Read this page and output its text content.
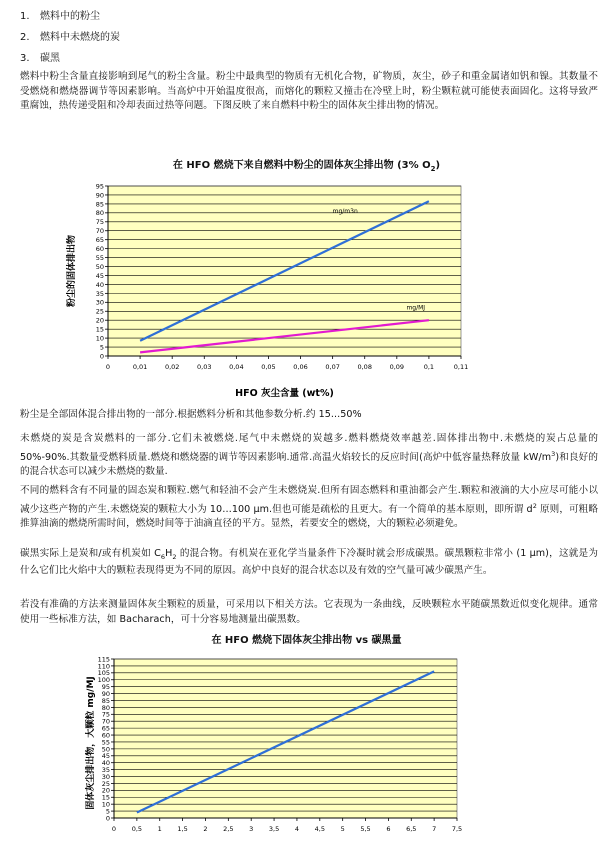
1.	燃料中的粉尘
2.	燃料中未燃烧的炭
3.	碳黑

燃料中粉尘含量直接影响到尾气的粉尘含量。粉尘中最典型的物质有无机化合物，矿物质，灰尘，砂子和重金属诸如钒和镍。其数量不受燃烧和燃烧器调节等因素影响。当高炉中开始温度很高，而熔化的颗粒又撞击在冷壁上时，粉尘颗粒就可能使表面固化。这将导致严重腐蚀，热传递受阻和冷却表面过热等问题。下图反映了来自燃料中粉尘的固体灰尘排出物的情况。

在 HFO 燃烧下来自燃料中粉尘的固体灰尘排出物 (3% $O_2$)
0
5
10
15
20
25
30
35
40
45
50
55
60
65
70
75
80
85
90
95
0	0,01	0,02	0,03	0,04	0,05	0,06	0,07	0,08	0,09	0,1	0,11
mg/m3n
mg/MJ
HFO 灰尘含量 (wt%)
粉尘的固体排出物

粉尘是全部固体混合排出物的一部分.根据燃料分析和其他参数分析.约 15...50%

未燃烧的炭是含炭燃料的一部分.它们未被燃烧.尾气中未燃烧的炭越多.燃料燃烧效率越差.固体排出物中.未燃烧的炭占总量的 50%-90%.其数量受燃料质量.燃烧和燃烧器的调节等因素影响.通常.高温火焰较长的反应时间(高炉中低容量热释放量 $kW/m^3$)和良好的的混合状态可以减少未燃烧的数量.

不同的燃料含有不同量的固态炭和颗粒.燃气和轻油不会产生未燃烧炭.但所有固态燃料和重油都会产生.颗粒和液滴的大小应尽可能小以减少这些产物的产生.未燃烧炭的颗粒大小为 10…100 μm.但也可能是疏松的且更大。有一个简单的基本原则，即所谓 $d^2$ 原则，可粗略推算油滴的燃烧所需时间，燃烧时间等于油滴直径的平方。显然，若要安全的燃烧，大的颗粒必须避免。

碳黑实际上是炭和/或有机炭如 $C_6H_2$ 的混合物。有机炭在亚化学当量条件下冷凝时就会形成碳黑。碳黑颗粒非常小 (1 μm)，这就是为什么它们比火焰中大的颗粒表现得更为不同的原因。高炉中良好的混合状态以及有效的空气量可减少碳黑产生。

若没有准确的方法来测量固体灰尘颗粒的质量，可采用以下相关方法。它表现为一条曲线，反映颗粒水平随碳黑数近似变化规律。通常使用一些标准方法，如 Bacharach，可十分容易地测量出碳黑数。

在 HFO 燃烧下固体灰尘排出物 vs 碳黑量
0
5
10
15
20
25
30
35
40
45
50
55
60
65
70
75
80
85
90
95
100
105
110
115
0 0,5 1 1,5 2 2,5 3 3,5 4 4,5 5 5,5 6 6,5 7 7,5
固体灰尘排出物，大颗粒 mg/MJ
